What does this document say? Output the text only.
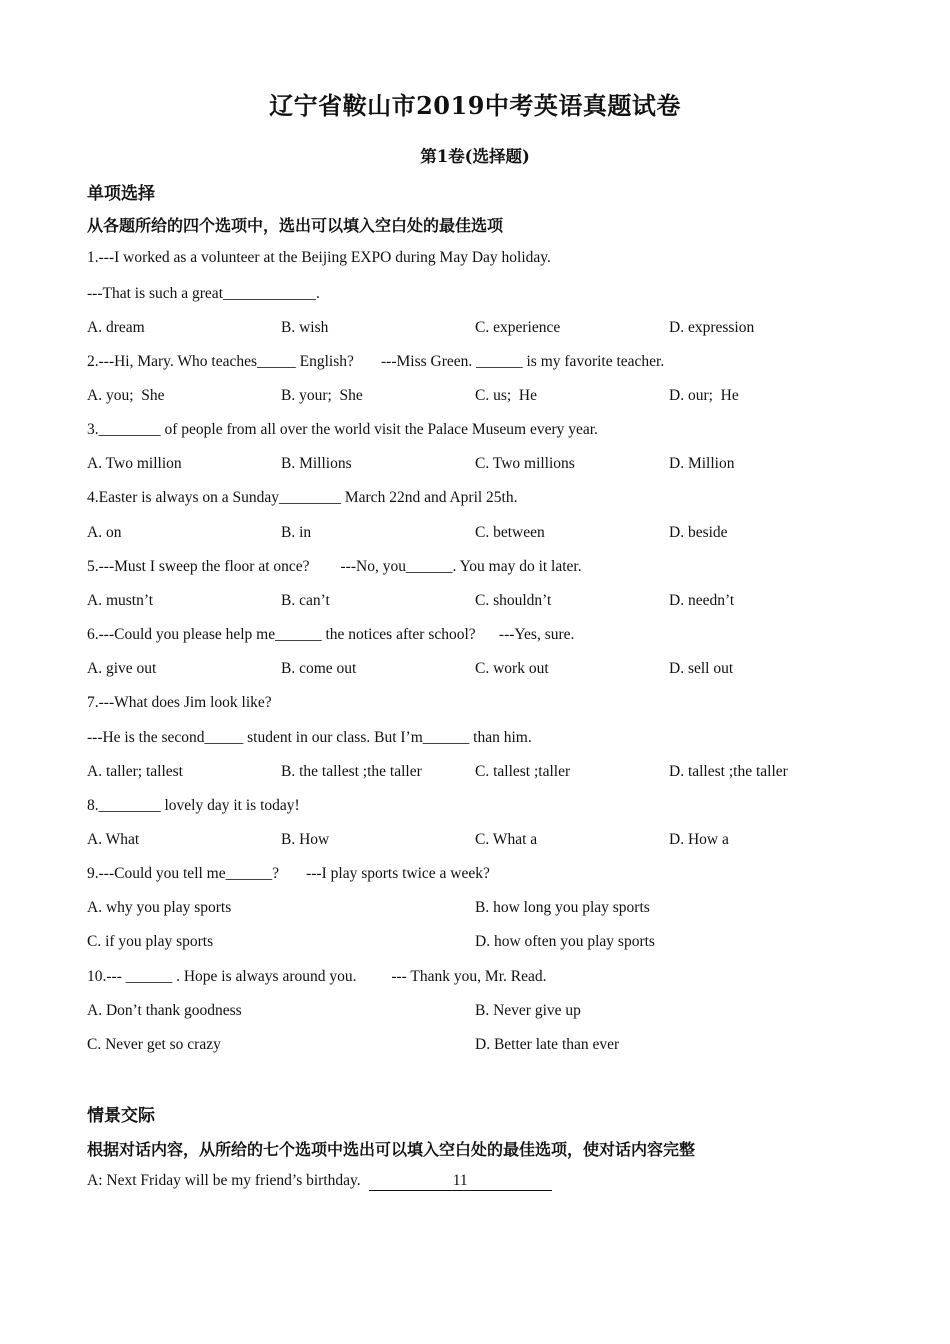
辽宁省鞍山市2019中考英语真题试卷
第1卷(选择题)
单项选择
从各题所给的四个选项中，选出可以填入空白处的最佳选项
1.---I worked as a volunteer at the Beijing EXPO during May Day holiday.
---That is such a great____________.
A. dream	B. wish	C. experience	D. expression
2.---Hi, Mary. Who teaches_____ English?       ---Miss Green. ______ is my favorite teacher.
A. you;  She	B. your;  She	C. us;  He	D. our;  He
3.________ of people from all over the world visit the Palace Museum every year.
A. Two million	B. Millions	C. Two millions	D. Million
4.Easter is always on a Sunday________ March 22nd and April 25th.
A. on	B. in	C. between	D. beside
5.---Must I sweep the floor at once?        ---No, you______. You may do it later.
A. mustn’t	B. can’t	C. shouldn’t	D. needn’t
6.---Could you please help me______ the notices after school?      ---Yes, sure.
A. give out	B. come out	C. work out	D. sell out
7.---What does Jim look like?
---He is the second_____ student in our class. But I’m______ than him.
A. taller; tallest	B. the tallest ;the taller	C. tallest ;taller	D. tallest ;the taller
8.________ lovely day it is today!
A. What	B. How	C. What a	D. How a
9.---Could you tell me______?       ---I play sports twice a week?
A. why you play sports	B. how long you play sports
C. if you play sports	D. how often you play sports
10.--- ______ . Hope is always around you.         --- Thank you, Mr. Read.
A. Don’t thank goodness	B. Never give up
C. Never get so crazy	D. Better late than ever
情景交际
根据对话内容，从所给的七个选项中选出可以填入空白处的最佳选项，使对话内容完整
A: Next Friday will be my friend’s birthday.	11
